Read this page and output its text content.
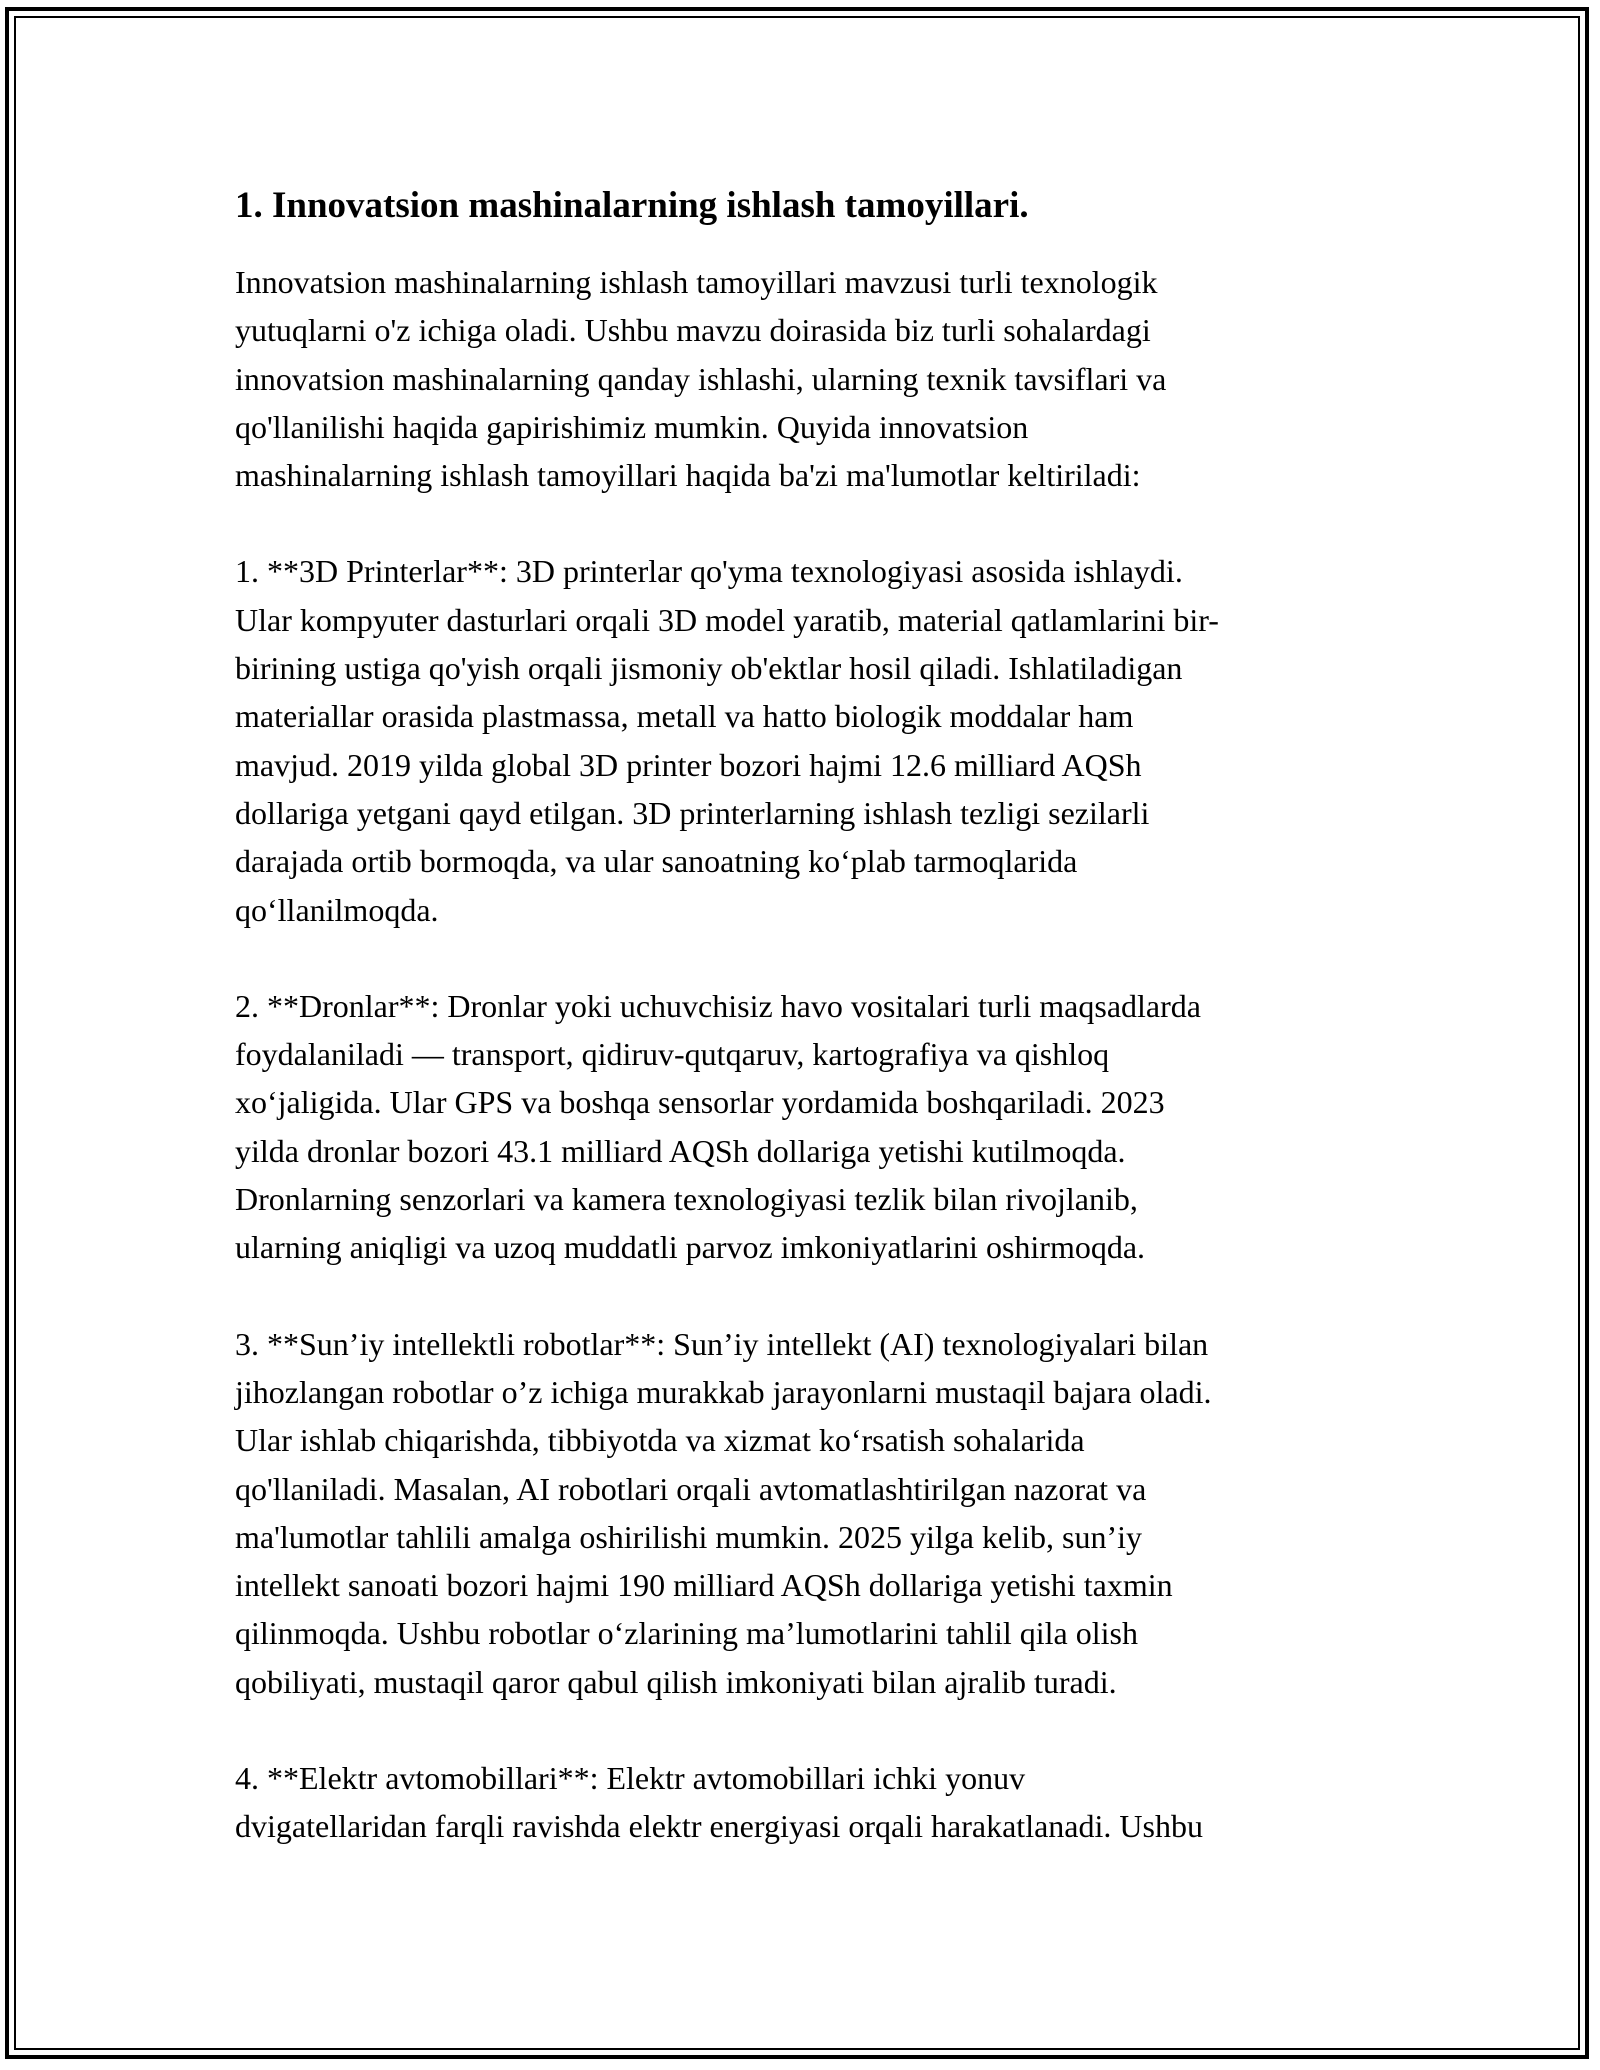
1. Innovatsion mashinalarning ishlash tamoyillari.

Innovatsion mashinalarning ishlash tamoyillari mavzusi turli texnologik
yutuqlarni o'z ichiga oladi. Ushbu mavzu doirasida biz turli sohalardagi
innovatsion mashinalarning qanday ishlashi, ularning texnik tavsiflari va
qo'llanilishi haqida gapirishimiz mumkin. Quyida innovatsion
mashinalarning ishlash tamoyillari haqida ba'zi ma'lumotlar keltiriladi:

1. **3D Printerlar**: 3D printerlar qo'yma texnologiyasi asosida ishlaydi.
Ular kompyuter dasturlari orqali 3D model yaratib, material qatlamlarini bir-
birining ustiga qo'yish orqali jismoniy ob'ektlar hosil qiladi. Ishlatiladigan
materiallar orasida plastmassa, metall va hatto biologik moddalar ham
mavjud. 2019 yilda global 3D printer bozori hajmi 12.6 milliard AQSh
dollariga yetgani qayd etilgan. 3D printerlarning ishlash tezligi sezilarli
darajada ortib bormoqda, va ular sanoatning ko‘plab tarmoqlarida
qo‘llanilmoqda.

2. **Dronlar**: Dronlar yoki uchuvchisiz havo vositalari turli maqsadlarda
foydalaniladi — transport, qidiruv-qutqaruv, kartografiya va qishloq
xo‘jaligida. Ular GPS va boshqa sensorlar yordamida boshqariladi. 2023
yilda dronlar bozori 43.1 milliard AQSh dollariga yetishi kutilmoqda.
Dronlarning senzorlari va kamera texnologiyasi tezlik bilan rivojlanib,
ularning aniqligi va uzoq muddatli parvoz imkoniyatlarini oshirmoqda.

3. **Sun’iy intellektli robotlar**: Sun’iy intellekt (AI) texnologiyalari bilan
jihozlangan robotlar o’z ichiga murakkab jarayonlarni mustaqil bajara oladi.
Ular ishlab chiqarishda, tibbiyotda va xizmat ko‘rsatish sohalarida
qo'llaniladi. Masalan, AI robotlari orqali avtomatlashtirilgan nazorat va
ma'lumotlar tahlili amalga oshirilishi mumkin. 2025 yilga kelib, sun’iy
intellekt sanoati bozori hajmi 190 milliard AQSh dollariga yetishi taxmin
qilinmoqda. Ushbu robotlar o‘zlarining ma’lumotlarini tahlil qila olish
qobiliyati, mustaqil qaror qabul qilish imkoniyati bilan ajralib turadi.

4. **Elektr avtomobillari**: Elektr avtomobillari ichki yonuv
dvigatellaridan farqli ravishda elektr energiyasi orqali harakatlanadi. Ushbu
